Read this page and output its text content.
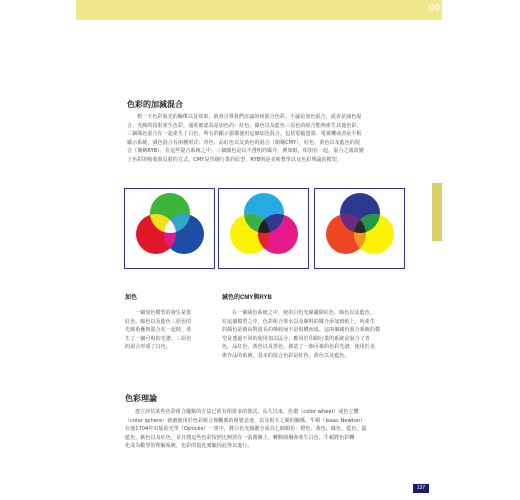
09
色彩的加減混合
想一下色彩與光的關係以及效果，就會引導我們討論如何混合色彩。不論是加色混合，或者是減色混
合，光線的投射產生色彩，通常被認為是加色的：紅色、綠色以及藍色三原色的組合能夠產生其他色彩，
三個顏色混合在一起產生了白色。所有的顯示器都使用這個加色混合，包括電腦螢幕、電視機或者是平板
顯示系統。減色混合有兩種形式：青色、品紅色以及黃色的混合（簡稱CMY），紅色、黃色以及藍色的混
合（簡稱RYB），在這些混合系統之中，三個顏色是以不透明的媒介，例如紙，相加在一起。混合之後改變
了色彩的吸收與反射的方式。CMY是印刷行業的原型，RYB則是美術教學以及色彩理論的模型。
加色
一個加色模型的發生是當
紅色、綠色以及藍色三原色的
光線重疊與混合在一起時，產
生了一個可視的光譜。三原色
的混合形成了白色。
減色的CMY與RYB
在一個減色系統之中，使用白色光線濾除紅色、綠色以及藍色。
在這個模型之中，色彩組合墨水以及顏料的媒介添加到紙上，所產生
的顏色是藉由對波長的吸收而不是組構而成。這兩個減色混合系統的模
型是透過不同的使用加以區分，應用於印刷行業的系統是混合了青
色、品紅色、黃色以及黑色，創造了一個可視的色彩光譜。使用於美
術作品的系統，基本的混合色彩是紅色、黃色以及藍色。
色彩理論
建立評估某些色彩組合優點的方法已經有相當多的嘗試。長久以來，色環（color wheel）或色立體
（color sphere）就被使用於色彩組合與觀審的視覺表達，以及相互之間的關係。牛頓（Isaac Newton）
在他1704年出版的光學（Opticks）一書中，將白色光線劃分成為七個顏色：橙色、黃色、綠色、藍色、靛
藍色，紫色以及紅色，並且將這些色彩按照比例放在一張圓盤上，轉動圓盤會產生白色。牛頓將色彩轉
化成為數學的理解系統，色彩的量化實驗因此得以進行。
137
